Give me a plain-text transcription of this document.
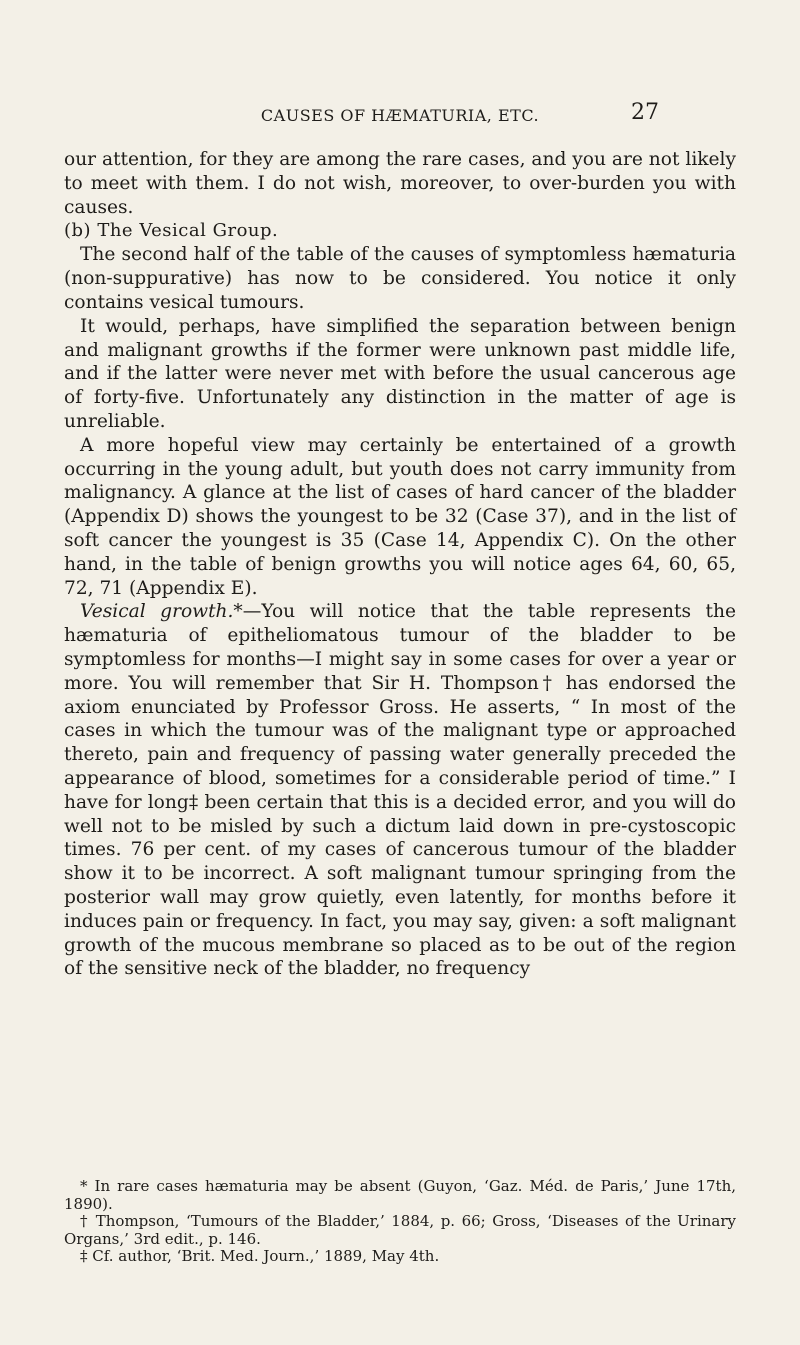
CAUSES OF HÆMATURIA, ETC.	27

our attention, for they are among the rare cases, and you are not likely to meet with them. I do not wish, moreover, to over-burden you with causes.

(b) The Vesical Group.

The second half of the table of the causes of symptomless hæmaturia (non-suppurative) has now to be considered. You notice it only contains vesical tumours.

It would, perhaps, have simplified the separation between benign and malignant growths if the former were unknown past middle life, and if the latter were never met with before the usual cancerous age of forty-five. Unfortunately any distinction in the matter of age is unreliable.

A more hopeful view may certainly be entertained of a growth occurring in the young adult, but youth does not carry immunity from malignancy. A glance at the list of cases of hard cancer of the bladder (Appendix D) shows the youngest to be 32 (Case 37), and in the list of soft cancer the youngest is 35 (Case 14, Appendix C). On the other hand, in the table of benign growths you will notice ages 64, 60, 65, 72, 71 (Appendix E).

Vesical growth.*—You will notice that the table represents the hæmaturia of epitheliomatous tumour of the bladder to be symptomless for months—I might say in some cases for over a year or more. You will remember that Sir H. Thompson† has endorsed the axiom enunciated by Professor Gross. He asserts, “ In most of the cases in which the tumour was of the malignant type or approached thereto, pain and frequency of passing water generally preceded the appearance of blood, sometimes for a considerable period of time.” I have for long‡ been certain that this is a decided error, and you will do well not to be misled by such a dictum laid down in pre-cystoscopic times. 76 per cent. of my cases of cancerous tumour of the bladder show it to be incorrect. A soft malignant tumour springing from the posterior wall may grow quietly, even latently, for months before it induces pain or frequency. In fact, you may say, given: a soft malignant growth of the mucous membrane so placed as to be out of the region of the sensitive neck of the bladder, no frequency

* In rare cases hæmaturia may be absent (Guyon, ‘Gaz. Méd. de Paris,’ June 17th, 1890).

† Thompson, ‘Tumours of the Bladder,’ 1884, p. 66; Gross, ‘Diseases of the Urinary Organs,’ 3rd edit., p. 146.

‡ Cf. author, ‘Brit. Med. Journ.,’ 1889, May 4th.
